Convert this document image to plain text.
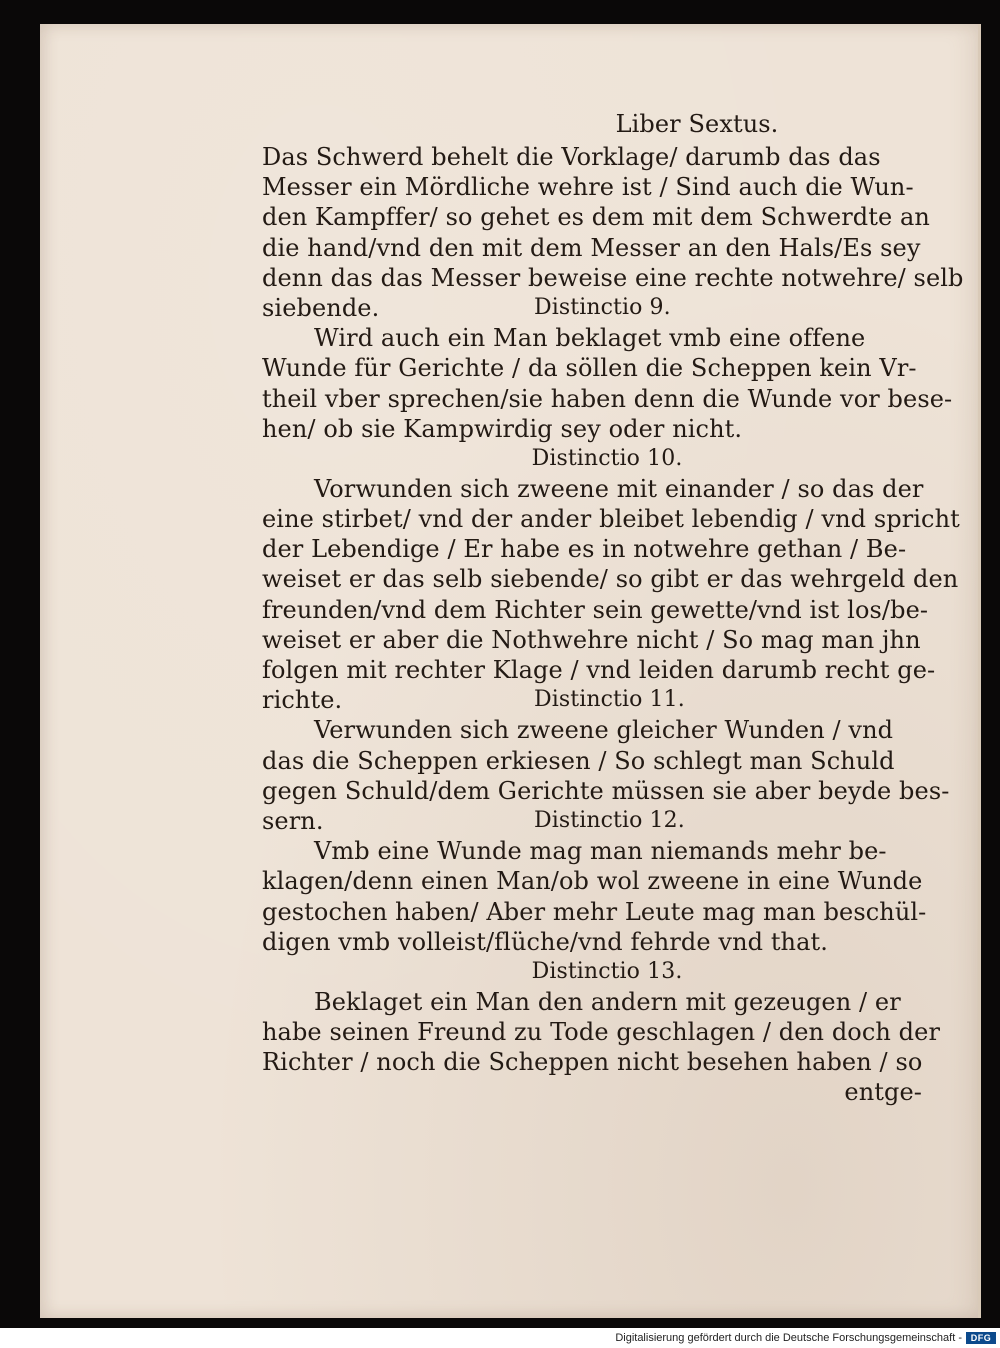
Liber Sextus.
Das Schwerd behelt die Vorklage/ darumb das das
Messer ein Mördliche wehre ist / Sind auch die Wun-
den Kampffer/ so gehet es dem mit dem Schwerdte an
die hand/vnd den mit dem Messer an den Hals/Es sey
denn das das Messer beweise eine rechte notwehre/ selb
siebende.	Distinctio 9.
Wird auch ein Man beklaget vmb eine offene
Wunde für Gerichte / da söllen die Scheppen kein Vr-
theil vber sprechen/sie haben denn die Wunde vor bese-
hen/ ob sie Kampwirdig sey oder nicht.
Distinctio 10.
Vorwunden sich zweene mit einander / so das der
eine stirbet/ vnd der ander bleibet lebendig / vnd spricht
der Lebendige / Er habe es in notwehre gethan / Be-
weiset er das selb siebende/ so gibt er das wehrgeld den
freunden/vnd dem Richter sein gewette/vnd ist los/be-
weiset er aber die Nothwehre nicht / So mag man jhn
folgen mit rechter Klage / vnd leiden darumb recht ge-
richte.	Distinctio 11.
Verwunden sich zweene gleicher Wunden / vnd
das die Scheppen erkiesen / So schlegt man Schuld
gegen Schuld/dem Gerichte müssen sie aber beyde bes-
sern.	Distinctio 12.
Vmb eine Wunde mag man niemands mehr be-
klagen/denn einen Man/ob wol zweene in eine Wunde
gestochen haben/ Aber mehr Leute mag man beschül-
digen vmb volleist/flüche/vnd fehrde vnd that.
Distinctio 13.
Beklaget ein Man den andern mit gezeugen / er
habe seinen Freund zu Tode geschlagen / den doch der
Richter / noch die Scheppen nicht besehen haben / so
entge-
Digitalisierung gefördert durch die Deutsche Forschungsgemeinschaft - DFG
